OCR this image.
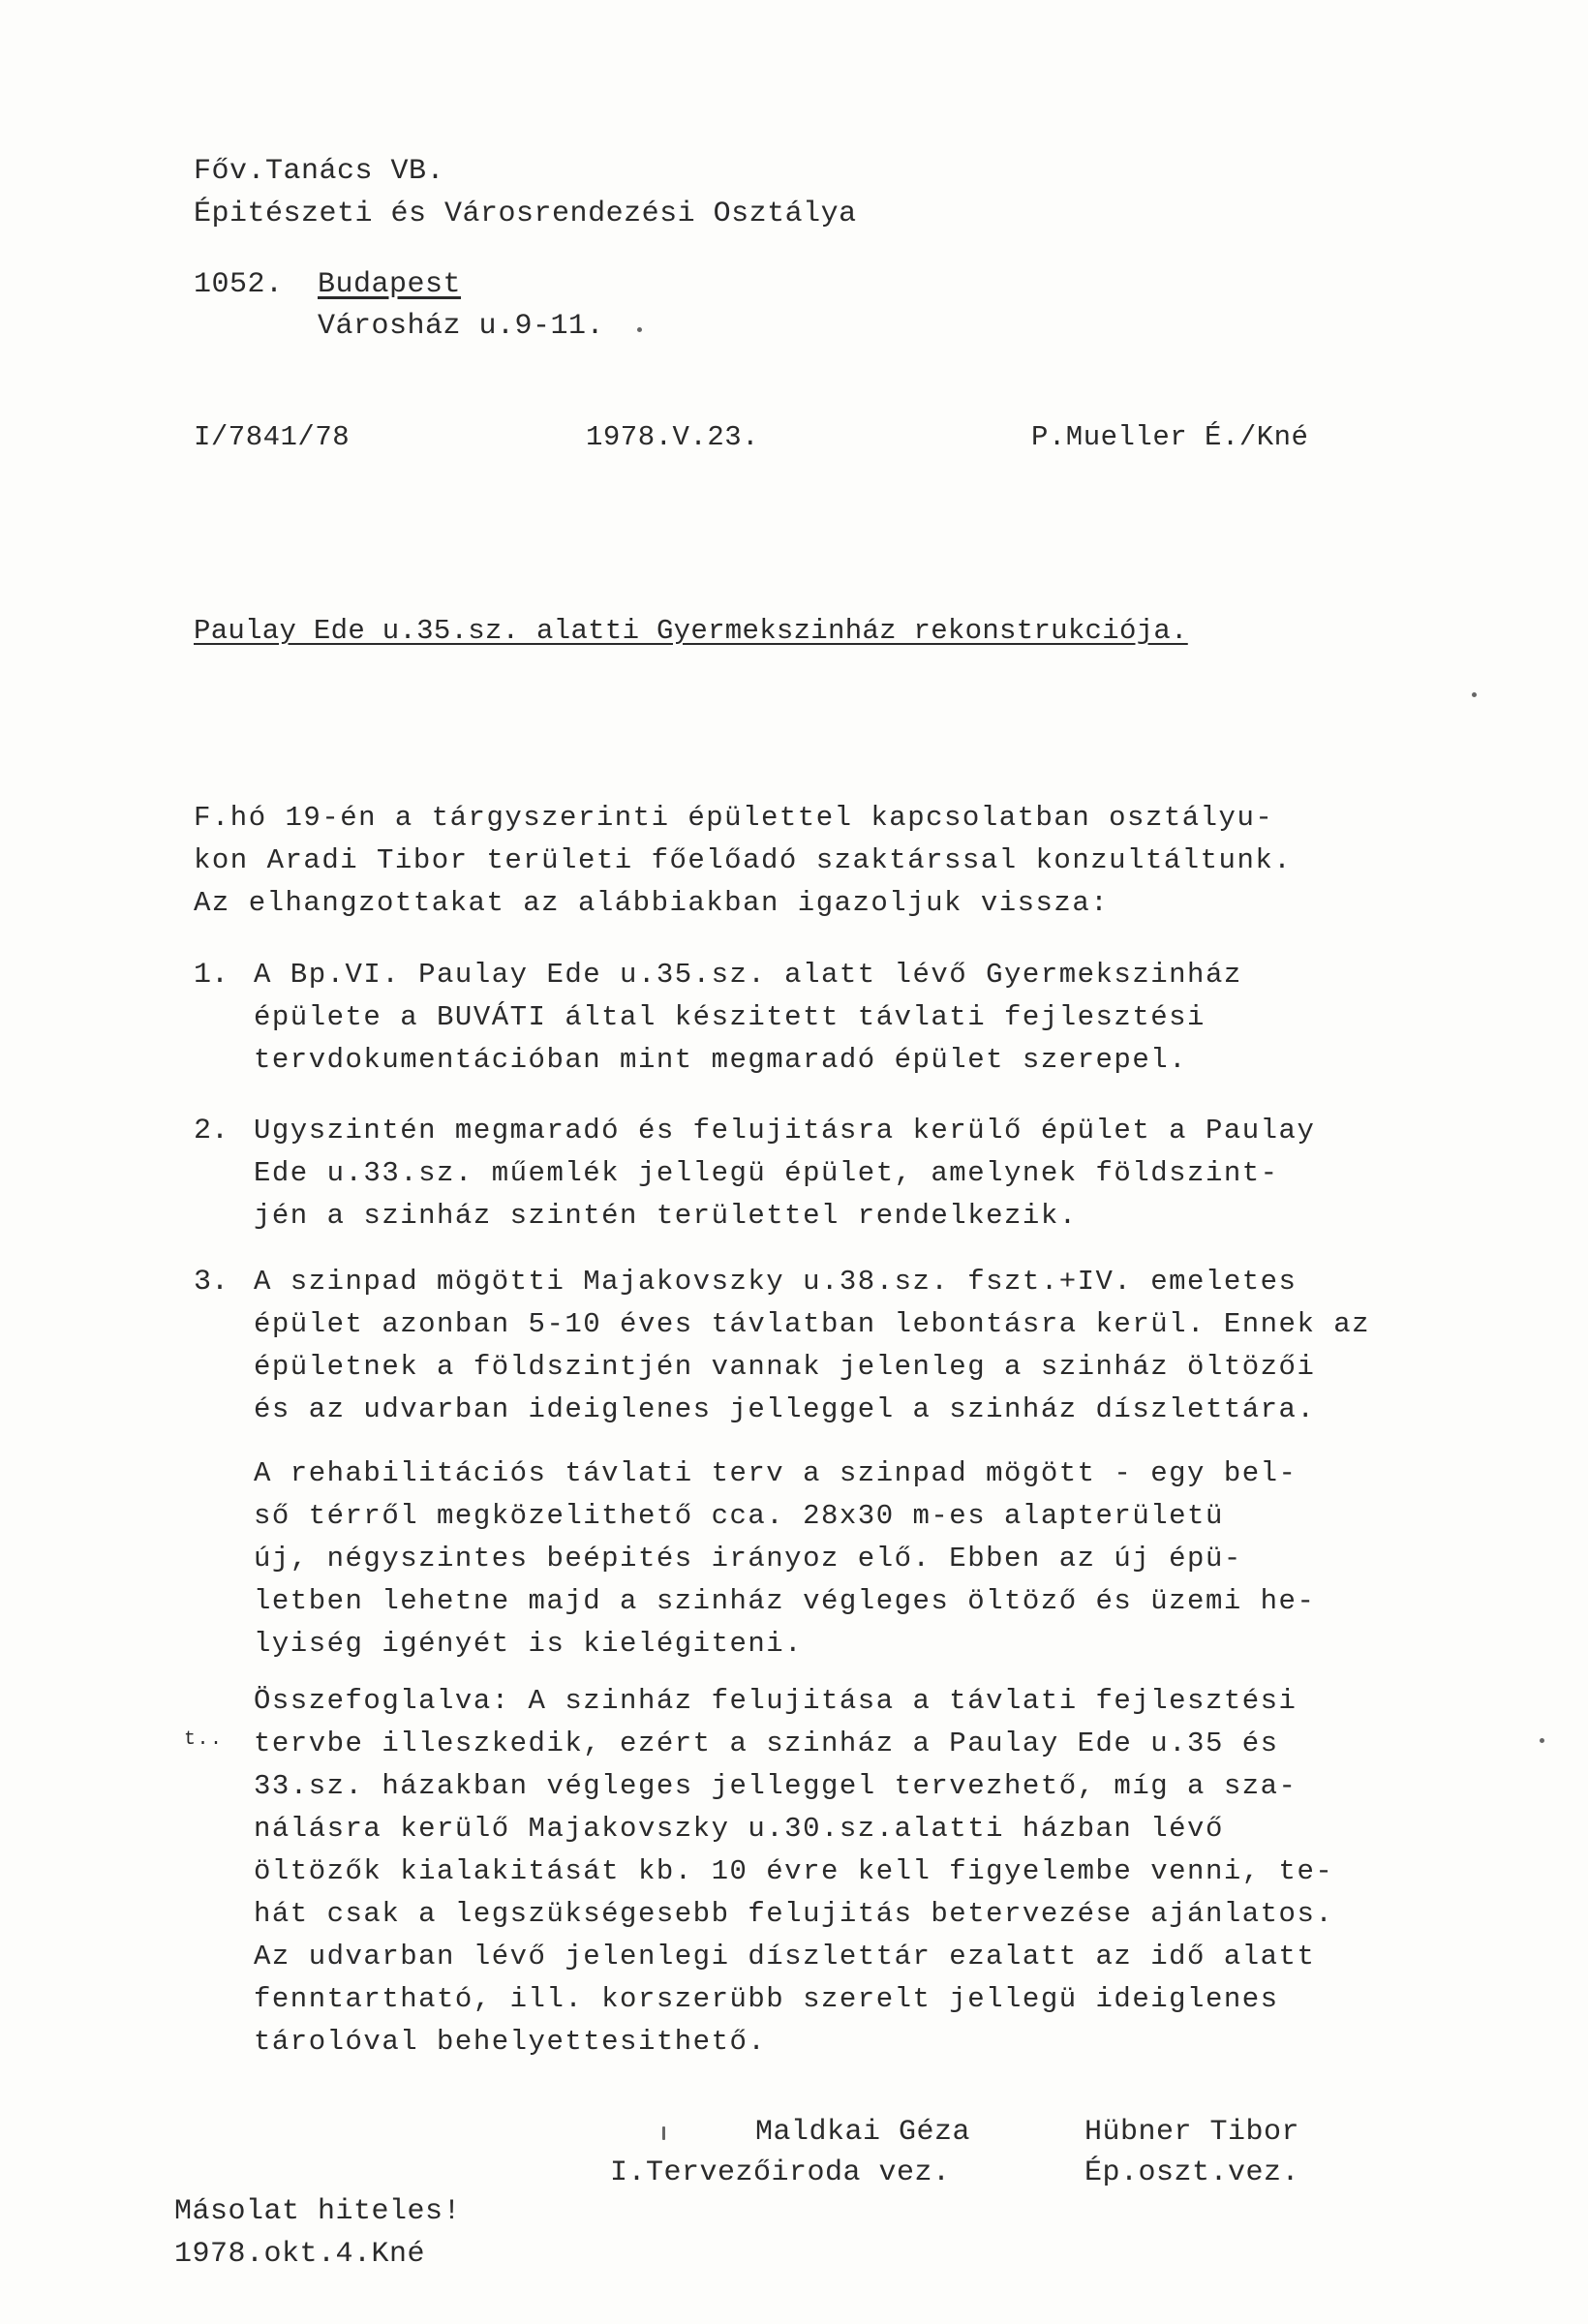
Főv.Tanács VB.
Épitészeti és Városrendezési Osztálya
1052. Budapest
Városház u.9-11.
I/7841/78	1978.V.23.	P.Mueller É./Kné
Paulay Ede u.35.sz. alatti Gyermekszinház rekonstrukciója.
F.hó 19-én a tárgyszerinti épülettel kapcsolatban osztályu-
kon Aradi Tibor területi főelőadó szaktárssal konzultáltunk.
Az elhangzottakat az alábbiakban igazoljuk vissza:
1. A Bp.VI. Paulay Ede u.35.sz. alatt lévő Gyermekszinház
épülete a BUVÁTI által készitett távlati fejlesztési
tervdokumentációban mint megmaradó épület szerepel.
2. Ugyszintén megmaradó és felujitásra kerülő épület a Paulay
Ede u.33.sz. műemlék jellegü épület, amelynek földszint-
jén a szinház szintén területtel rendelkezik.
3. A szinpad mögötti Majakovszky u.38.sz. fszt.+IV. emeletes
épület azonban 5-10 éves távlatban lebontásra kerül. Ennek az
épületnek a földszintjén vannak jelenleg a szinház öltözői
és az udvarban ideiglenes jelleggel a szinház díszlettára.
A rehabilitációs távlati terv a szinpad mögött - egy bel-
ső térről megközelithető cca. 28x30 m-es alapterületü
új, négyszintes beépités irányoz elő. Ebben az új épü-
letben lehetne majd a szinház végleges öltöző és üzemi he-
lyiség igényét is kielégiteni.
Összefoglalva: A szinház felujitása a távlati fejlesztési
t.. tervbe illeszkedik, ezért a szinház a Paulay Ede u.35 és
33.sz. házakban végleges jelleggel tervezhető, míg a sza-
nálásra kerülő Majakovszky u.30.sz.alatti házban lévő
öltözők kialakitását kb. 10 évre kell figyelembe venni, te-
hát csak a legszükségesebb felujitás betervezése ajánlatos.
Az udvarban lévő jelenlegi díszlettár ezalatt az idő alatt
fenntartható, ill. korszerübb szerelt jellegü ideiglenes
tárolóval behelyettesithető.
Maldkai Géza
I.Tervezőiroda vez.
Hübner Tibor
Ép.oszt.vez.
Másolat hiteles!
1978.okt.4.Kné
